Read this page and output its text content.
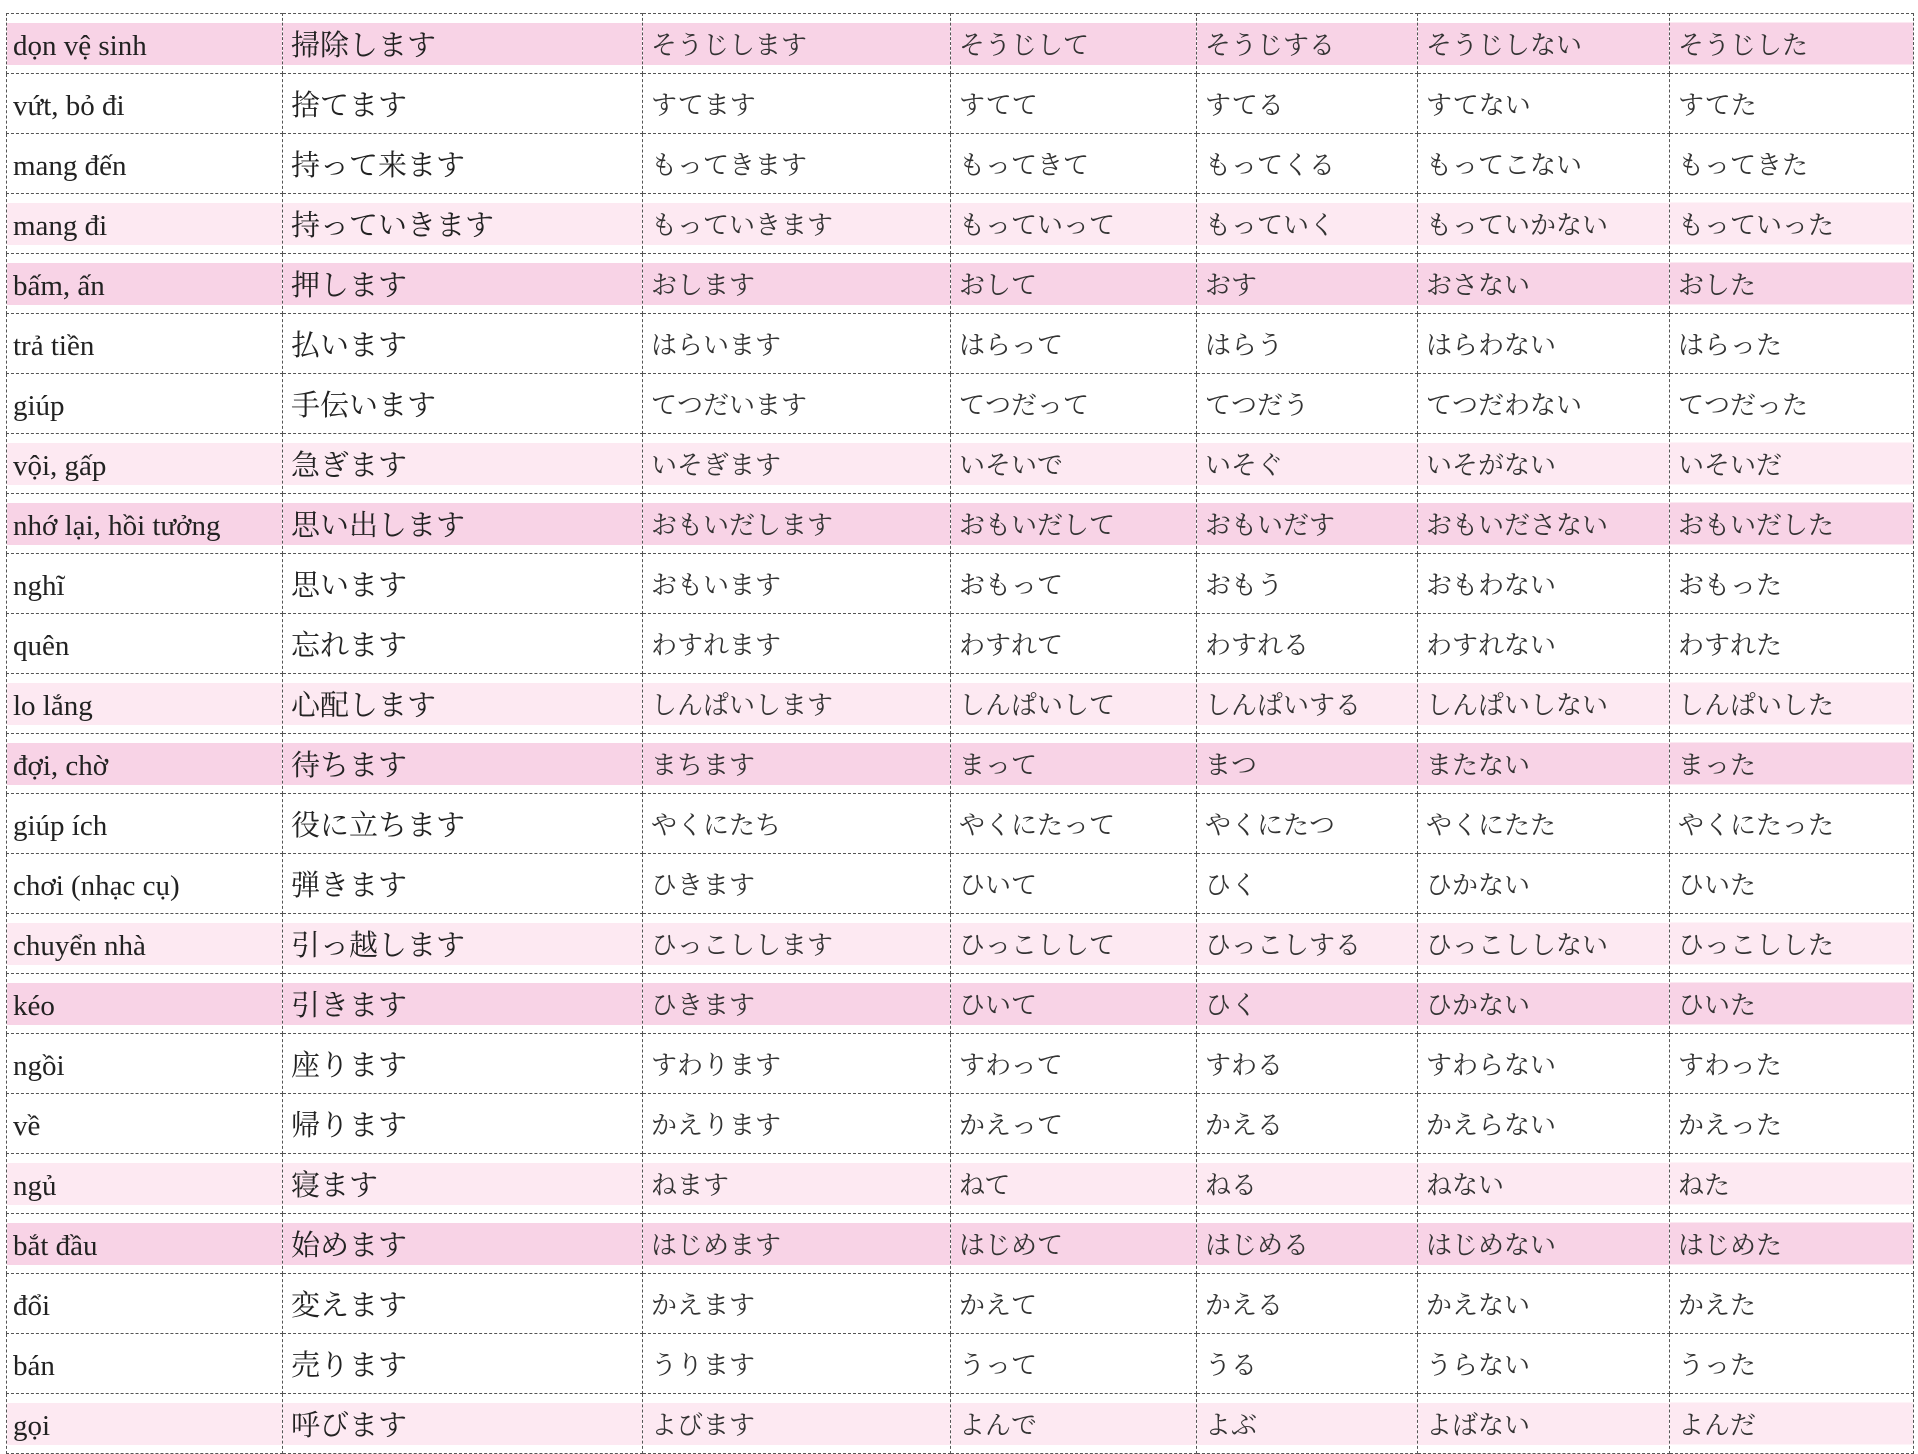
dọn vệ sinh	掃除します	そうじします	そうじして	そうじする	そうじしない	そうじした
vứt, bỏ đi	捨てます	すてます	すてて	すてる	すてない	すてた
mang đến	持って来ます	もってきます	もってきて	もってくる	もってこない	もってきた
mang đi	持っていきます	もっていきます	もっていって	もっていく	もっていかない	もっていった
bấm, ấn	押します	おします	おして	おす	おさない	おした
trả tiền	払います	はらいます	はらって	はらう	はらわない	はらった
giúp	手伝います	てつだいます	てつだって	てつだう	てつだわない	てつだった
vội, gấp	急ぎます	いそぎます	いそいで	いそぐ	いそがない	いそいだ
nhớ lại, hồi tưởng	思い出します	おもいだします	おもいだして	おもいだす	おもいださない	おもいだした
nghĩ	思います	おもいます	おもって	おもう	おもわない	おもった
quên	忘れます	わすれます	わすれて	わすれる	わすれない	わすれた
lo lắng	心配します	しんぱいします	しんぱいして	しんぱいする	しんぱいしない	しんぱいした
đợi, chờ	待ちます	まちます	まって	まつ	またない	まった
giúp ích	役に立ちます	やくにたち	やくにたって	やくにたつ	やくにたた	やくにたった
chơi (nhạc cụ)	弾きます	ひきます	ひいて	ひく	ひかない	ひいた
chuyển nhà	引っ越します	ひっこしします	ひっこしして	ひっこしする	ひっこししない	ひっこしした
kéo	引きます	ひきます	ひいて	ひく	ひかない	ひいた
ngồi	座ります	すわります	すわって	すわる	すわらない	すわった
về	帰ります	かえります	かえって	かえる	かえらない	かえった
ngủ	寝ます	ねます	ねて	ねる	ねない	ねた
bắt đầu	始めます	はじめます	はじめて	はじめる	はじめない	はじめた
đổi	変えます	かえます	かえて	かえる	かえない	かえた
bán	売ります	うります	うって	うる	うらない	うった
gọi	呼びます	よびます	よんで	よぶ	よばない	よんだ
